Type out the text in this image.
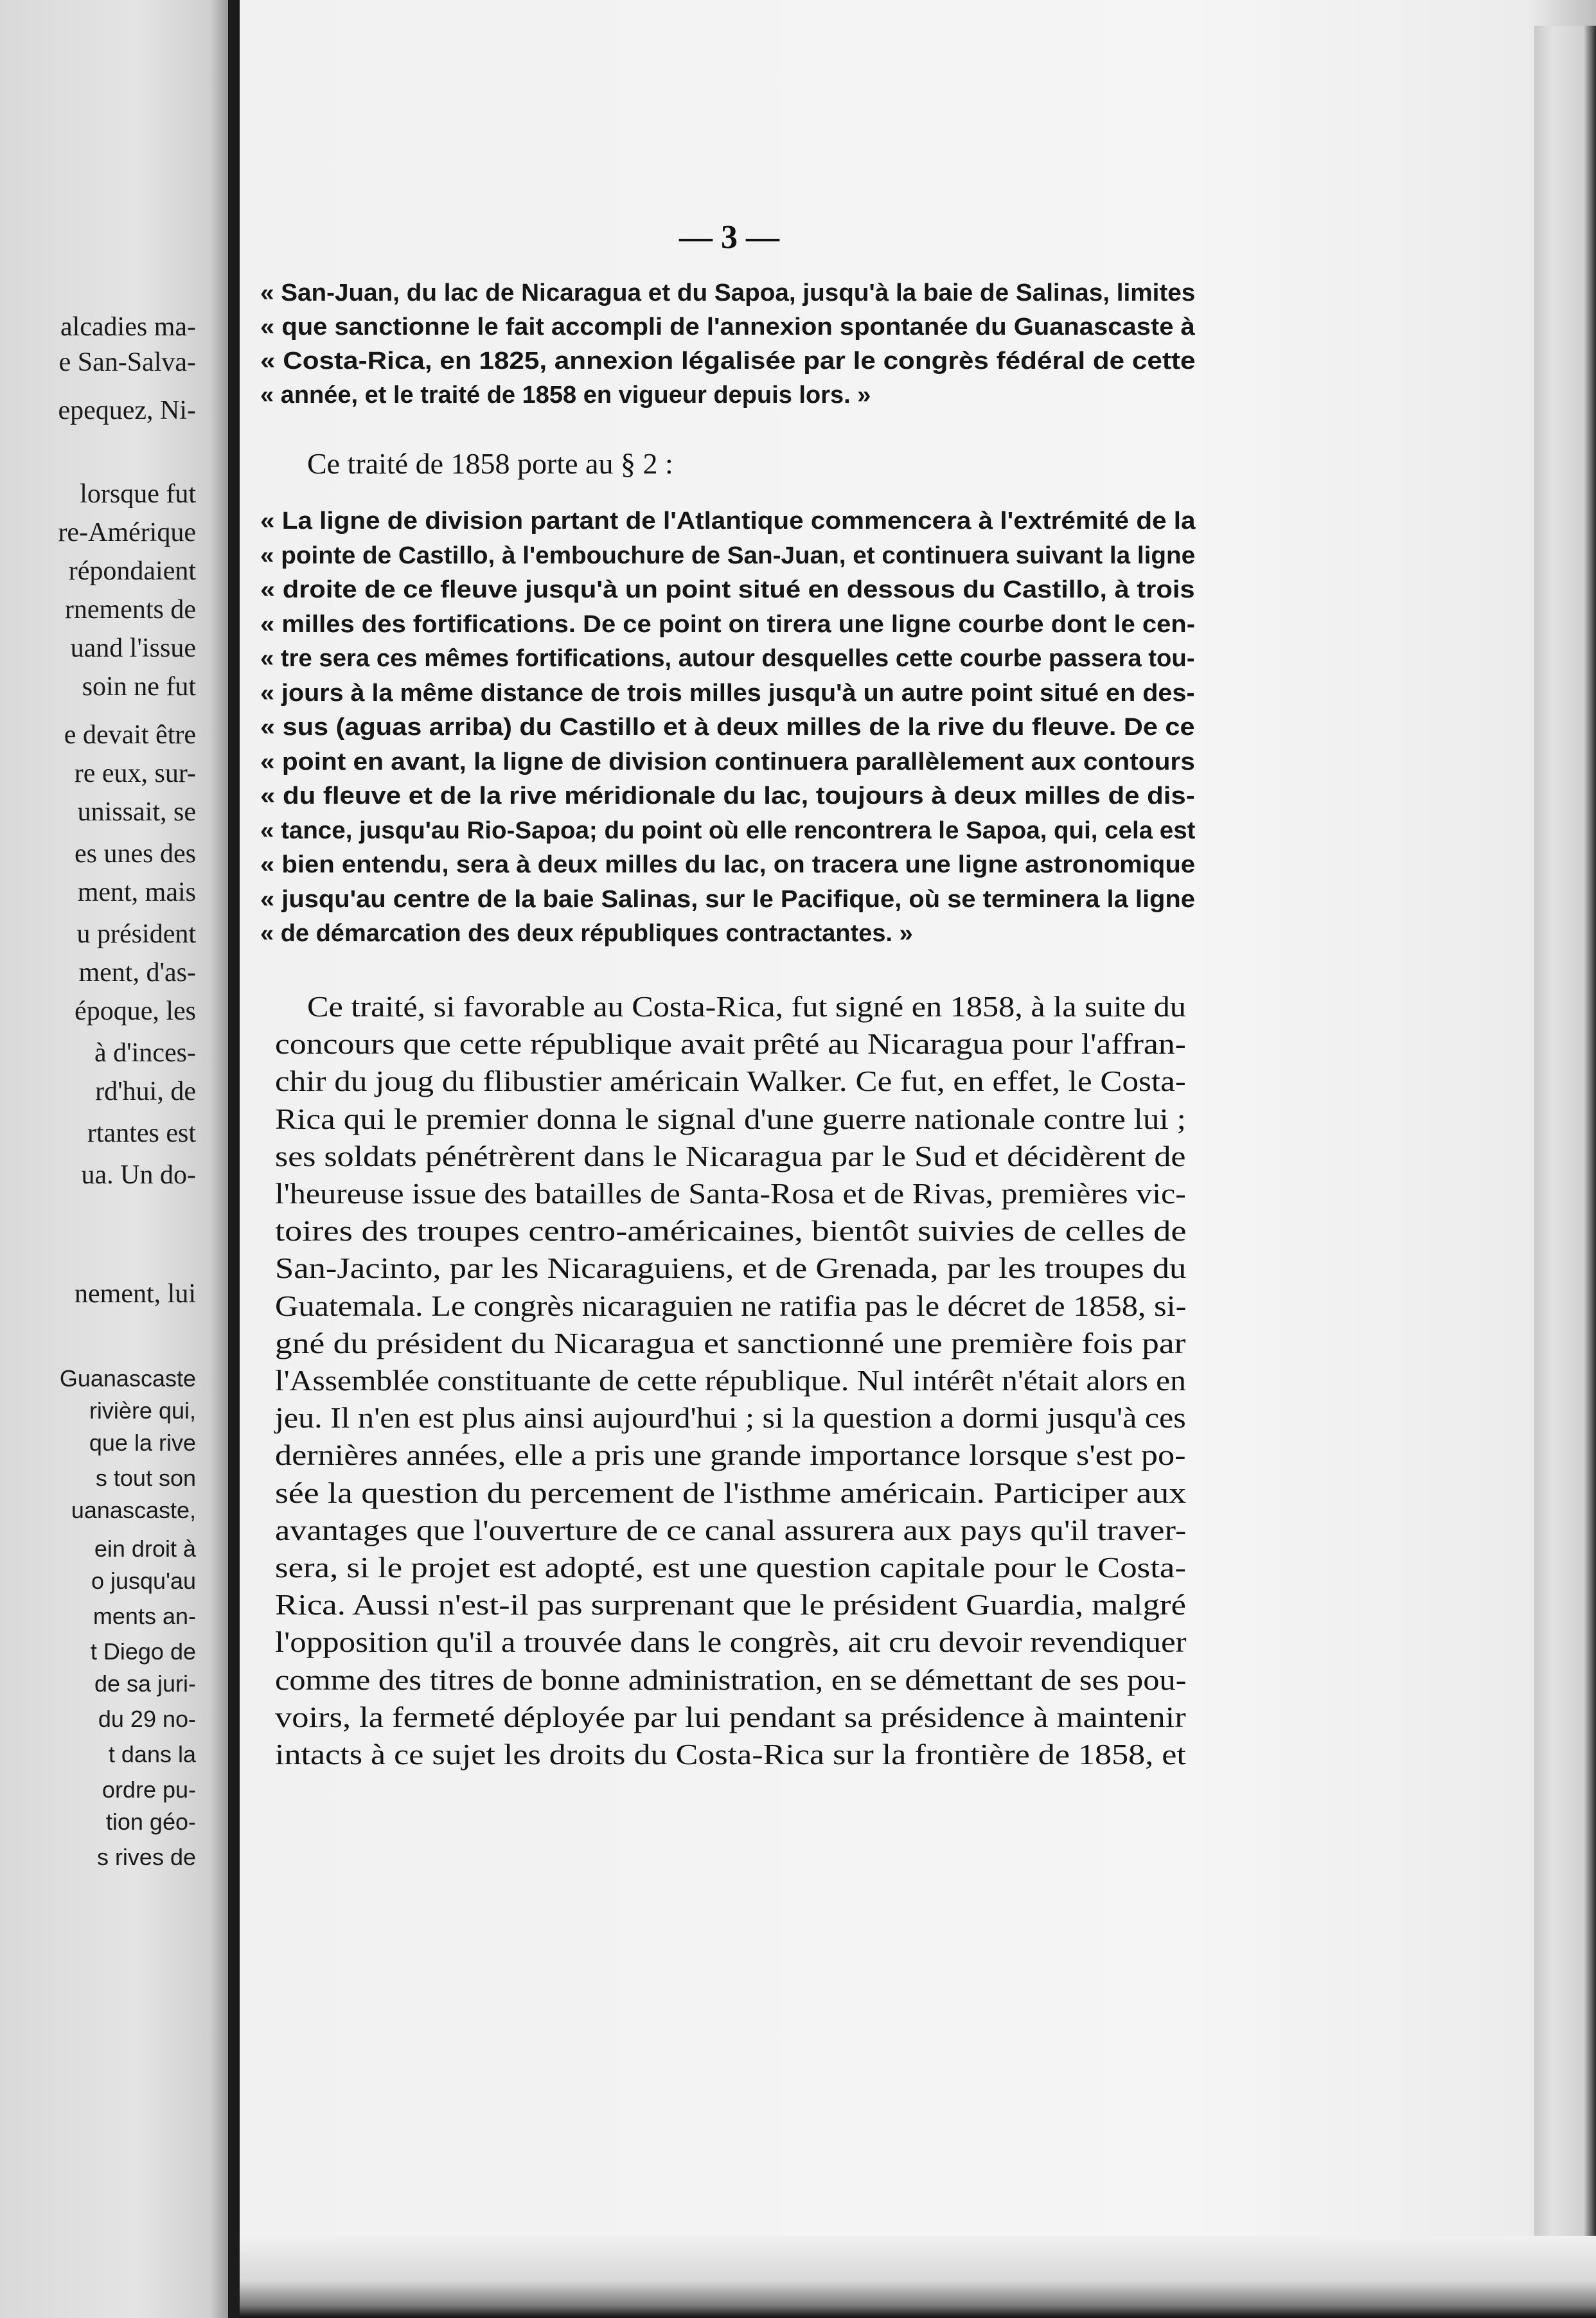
alcadies ma-
e San-Salva-
epequez, Ni-
lorsque fut
re-Amérique
répondaient
rnements de
uand l'issue
soin ne fut
e devait être
re eux, sur-
unissait, se
es unes des
ment, mais
u président
ment, d'as-
époque, les
à d'inces-
rd'hui, de
rtantes est
ua. Un do-
nement, lui
Guanascaste
rivière qui,
que la rive
s tout son
uanascaste,
ein droit à
o jusqu'au
ments an-
t Diego de
de sa juri-
du 29 no-
t dans la
ordre pu-
tion géo-
s rives de
— 3 —
« San-Juan, du lac de Nicaragua et du Sapoa, jusqu'à la baie de Salinas, limites
« que sanctionne le fait accompli de l'annexion spontanée du Guanascaste à
« Costa-Rica, en 1825, annexion légalisée par le congrès fédéral de cette
« année, et le traité de 1858 en vigueur depuis lors. »
Ce traité de 1858 porte au § 2 :
« La ligne de division partant de l'Atlantique commencera à l'extrémité de la
« pointe de Castillo, à l'embouchure de San-Juan, et continuera suivant la ligne
« droite de ce fleuve jusqu'à un point situé en dessous du Castillo, à trois
« milles des fortifications. De ce point on tirera une ligne courbe dont le cen-
« tre sera ces mêmes fortifications, autour desquelles cette courbe passera tou-
« jours à la même distance de trois milles jusqu'à un autre point situé en des-
« sus (aguas arriba) du Castillo et à deux milles de la rive du fleuve. De ce
« point en avant, la ligne de division continuera parallèlement aux contours
« du fleuve et de la rive méridionale du lac, toujours à deux milles de dis-
« tance, jusqu'au Rio-Sapoa; du point où elle rencontrera le Sapoa, qui, cela est
« bien entendu, sera à deux milles du lac, on tracera une ligne astronomique
« jusqu'au centre de la baie Salinas, sur le Pacifique, où se terminera la ligne
« de démarcation des deux républiques contractantes. »
Ce traité, si favorable au Costa-Rica, fut signé en 1858, à la suite du
concours que cette république avait prêté au Nicaragua pour l'affran-
chir du joug du flibustier américain Walker. Ce fut, en effet, le Costa-
Rica qui le premier donna le signal d'une guerre nationale contre lui ;
ses soldats pénétrèrent dans le Nicaragua par le Sud et décidèrent de
l'heureuse issue des batailles de Santa-Rosa et de Rivas, premières vic-
toires des troupes centro-américaines, bientôt suivies de celles de
San-Jacinto, par les Nicaraguiens, et de Grenada, par les troupes du
Guatemala. Le congrès nicaraguien ne ratifia pas le décret de 1858, si-
gné du président du Nicaragua et sanctionné une première fois par
l'Assemblée constituante de cette république. Nul intérêt n'était alors en
jeu. Il n'en est plus ainsi aujourd'hui ; si la question a dormi jusqu'à ces
dernières années, elle a pris une grande importance lorsque s'est po-
sée la question du percement de l'isthme américain. Participer aux
avantages que l'ouverture de ce canal assurera aux pays qu'il traver-
sera, si le projet est adopté, est une question capitale pour le Costa-
Rica. Aussi n'est-il pas surprenant que le président Guardia, malgré
l'opposition qu'il a trouvée dans le congrès, ait cru devoir revendiquer
comme des titres de bonne administration, en se démettant de ses pou-
voirs, la fermeté déployée par lui pendant sa présidence à maintenir
intacts à ce sujet les droits du Costa-Rica sur la frontière de 1858, et
